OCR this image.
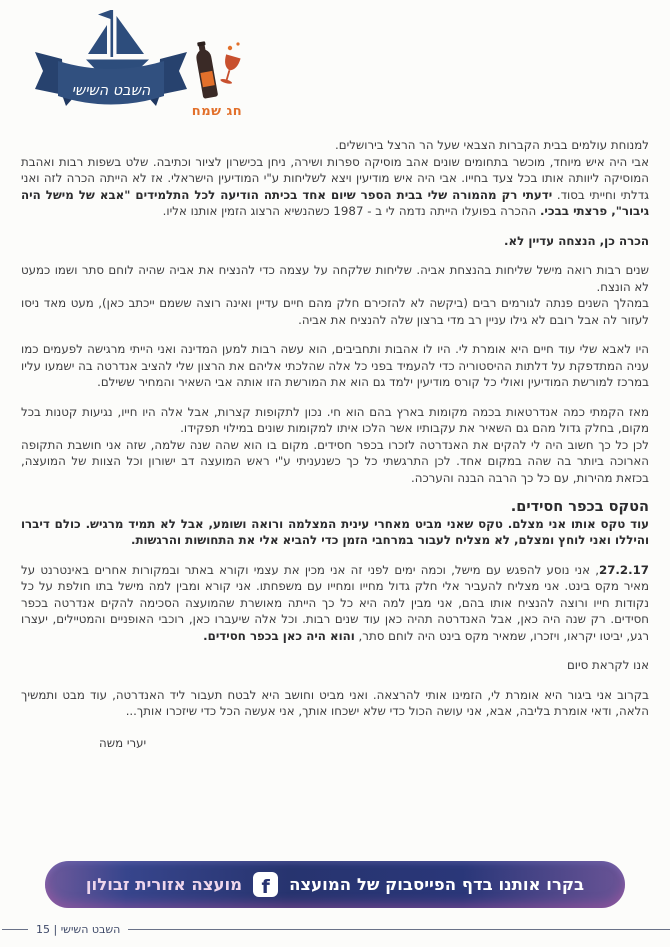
השבט השישי
חג שמח
למנוחת עולמים בבית הקברות הצבאי שעל הר הרצל בירושלים.
אבי היה איש מיוחד, מוכשר בתחומים שונים אהב מוסיקה ספרות ושירה, ניחן בכישרון לציור וכתיבה. שלט בשפות רבות ואהבת המוסיקה ליוותה אותו בכל צעד בחייו. אבי היה איש מודיעין ויצא לשליחות ע"י המודיעין הישראלי. אז לא הייתה הכרה לזה ואני גדלתי וחייתי בסוד. ידעתי רק מהמורה שלי בבית הספר שיום אחד בכיתה הודיעה לכל התלמידים "אבא של מישל היה גיבור", פרצתי בבכי. ההכרה בפועלו הייתה נדמה לי ב - 1987 כשהנשיא הרצוג הזמין אותנו אליו.
הכרה כן, הנצחה עדיין לא.
שנים רבות רואה מישל שליחות בהנצחת אביה. שליחות שלקחה על עצמה כדי להנציח את אביה שהיה לוחם סתר ושמו כמעט לא הונצח.
במהלך השנים פנתה לגורמים רבים (ביקשה לא להזכירם חלק מהם חיים עדיין ואינה רוצה ששמם ייכתב כאן), מעט מאד ניסו לעזור לה אבל רובם לא גילו עניין רב מדי ברצון שלה להנציח את אביה.
היו לאבא שלי עוד חיים היא אומרת לי. היו לו אהבות ותחביבים, הוא עשה רבות למען המדינה ואני הייתי מרגישה לפעמים כמו עניה המתדפקת על דלתות ההיסטוריה כדי להעמיד בפני כל אלה שהלכתי אליהם את הרצון שלי להציב אנדרטה בה ישמעו עליו במרכז למורשת המודיעין ואולי כל קורס מודיעין ילמד גם הוא את המורשת הזו אותה אבי השאיר והמחיר ששילם.
מאז הקמתי כמה אנדרטאות בכמה מקומות בארץ בהם הוא חי. נכון לתקופות קצרות, אבל אלה היו חייו, נגיעות קטנות בכל מקום, בחלק גדול מהם גם השאיר את עקבותיו אשר הלכו איתו למקומות שונים במילוי תפקידו.
לכן כל כך חשוב היה לי להקים את האנדרטה לזכרו בכפר חסידים. מקום בו הוא שהה שנה שלמה, שזה אני חושבת התקופה הארוכה ביותר בה שהה במקום אחד. לכן התרגשתי כל כך כשנעניתי ע"י ראש המועצה דב ישורון וכל הצוות של המועצה, בכזאת מהירות, עם כל כך הרבה הבנה והערכה.
הטקס בכפר חסידים.
עוד טקס אותו אני מצלם. טקס שאני מביט מאחרי עינית המצלמה ורואה ושומע, אבל לא תמיד מרגיש. כולם דיברו והיללו ואני לוחץ ומצלם, לא מצליח לעבור במרחבי הזמן כדי להביא אלי את התחושות והרגשות.
27.2.17, אני נוסע להפגש עם מישל, וכמה ימים לפני זה אני מכין את עצמי וקורא באתר ובמקורות אחרים באינטרנט על מאיר מקס בינט. אני מצליח להעביר אלי חלק גדול מחייו ומחייו עם משפחתו. אני קורא ומבין למה מישל בתו חולפת על כל נקודות חייו ורוצה להנציח אותו בהם, אני מבין למה היא כל כך הייתה מאושרת שהמועצה הסכימה להקים אנדרטה בכפר חסידים. רק שנה היה כאן, אבל האנדרטה תהיה כאן עוד שנים רבות. וכל אלה שיעברו כאן, רוכבי האופניים והמטיילים, יעצרו רגע, יביטו יקראו, ויזכרו, שמאיר מקס בינט היה לוחם סתר, והוא היה כאן בכפר חסידים.
אנו לקראת סיום
בקרוב אני ביגור היא אומרת לי, הזמינו אותי להרצאה. ואני מביט וחושב היא לבטח תעבור ליד האנדרטה, עוד מבט ותמשיך הלאה, ודאי אומרת בליבה, אבא, אני עושה הכול כדי שלא ישכחו אותך, אני אעשה הכל כדי שיזכרו אותך...
יערי משה
בקרו אותנו בדף הפייסבוק של המועצה
f
מועצה אזורית זבולון
השבט השישי | 15
